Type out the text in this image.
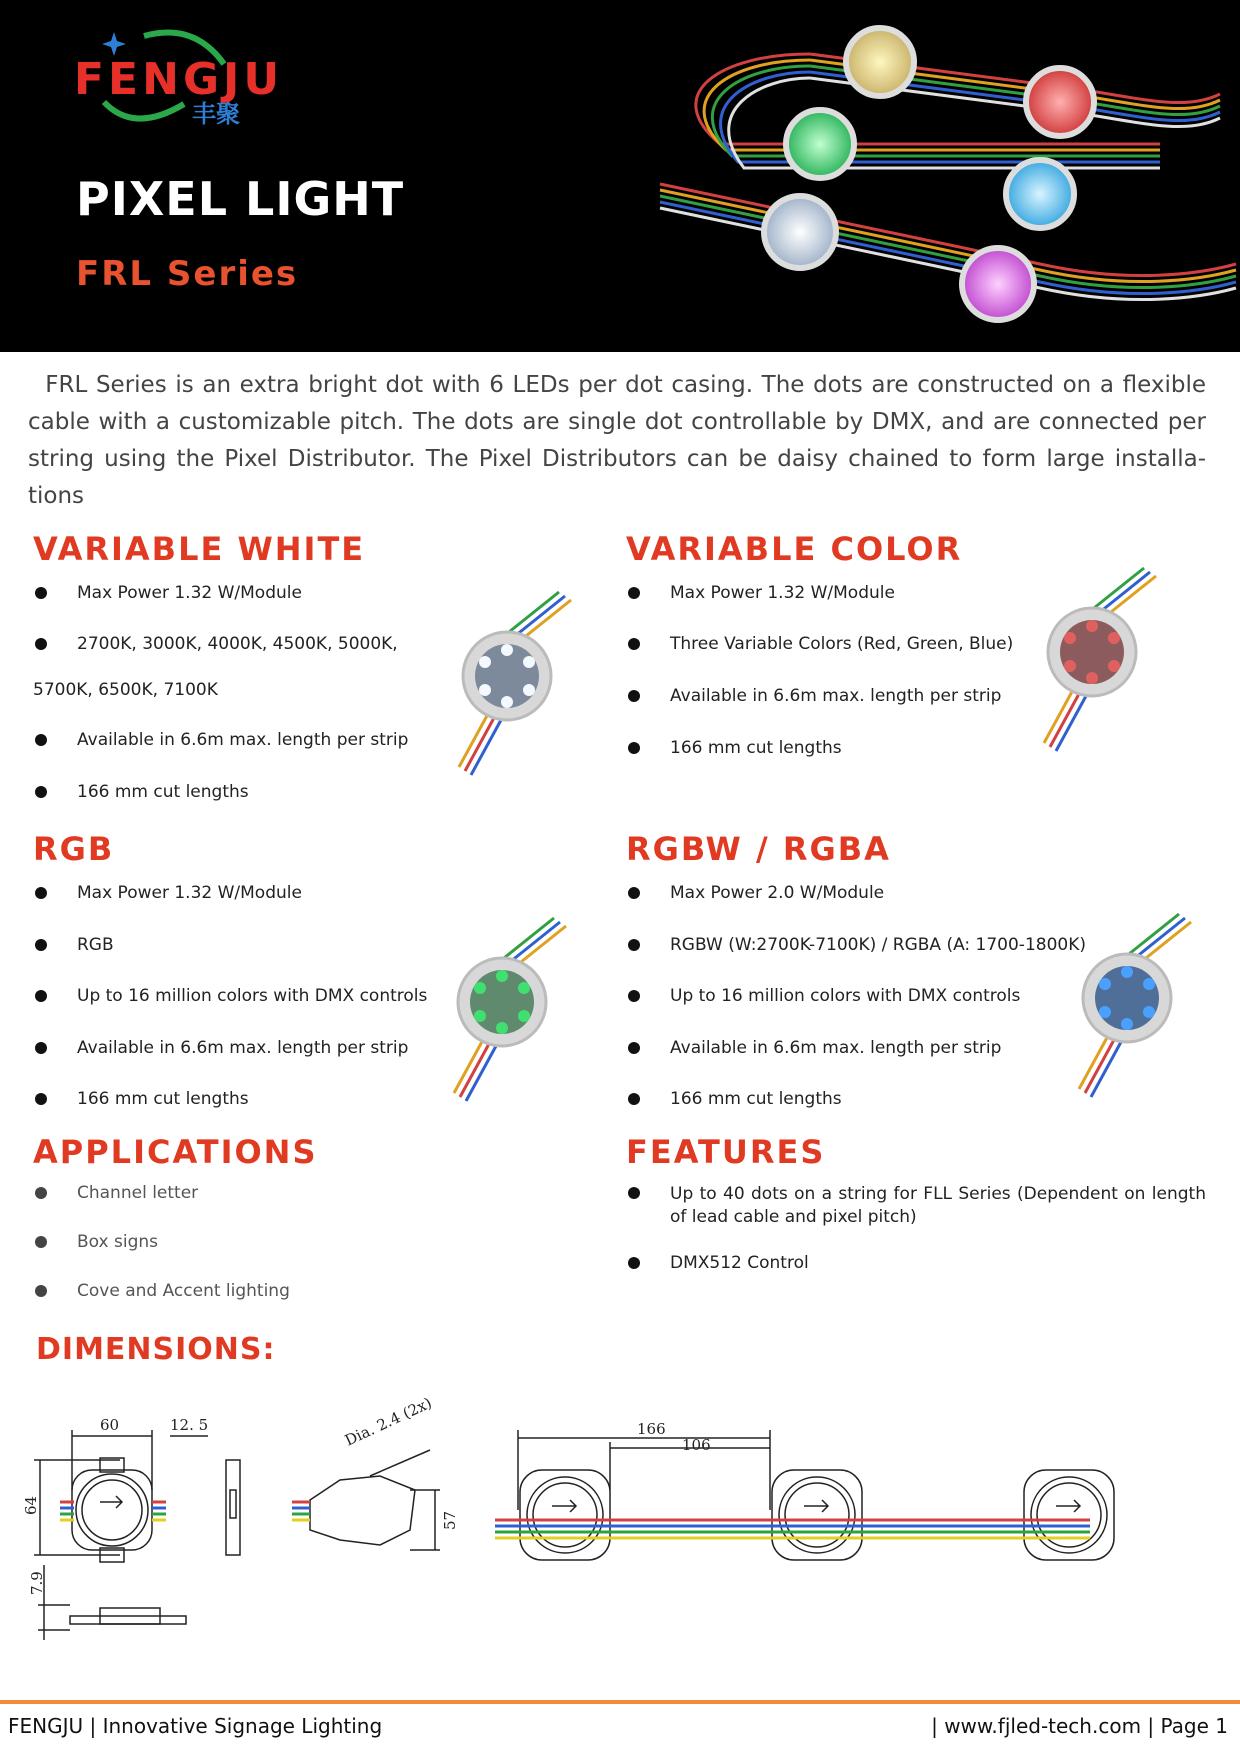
FENGJU
丰聚
PIXEL LIGHT
FRL Series
FRL Series is an extra bright dot with 6 LEDs per dot casing. The dots are constructed on a flexible cable with a customizable pitch. The dots are single dot controllable by DMX, and are connected per string using the Pixel Distributor. The Pixel Distributors can be daisy chained to form large installa-tions
VARIABLE WHITE
Max Power 1.32 W/Module
2700K, 3000K, 4000K, 4500K, 5000K,
5700K, 6500K, 7100K
Available in 6.6m max. length per strip
166 mm cut lengths
VARIABLE COLOR
Max Power 1.32 W/Module
Three Variable Colors (Red, Green, Blue)
Available in 6.6m max. length per strip
166 mm cut lengths
RGB
Max Power 1.32 W/Module
RGB
Up to 16 million colors with DMX controls
Available in 6.6m max. length per strip
166 mm cut lengths
RGBW / RGBA
Max Power 2.0 W/Module
RGBW (W:2700K-7100K) / RGBA (A: 1700-1800K)
Up to 16 million colors with DMX controls
Available in 6.6m max. length per strip
166 mm cut lengths
APPLICATIONS
Channel letter
Box signs
Cove and Accent lighting
FEATURES
Up to 40 dots on a string for FLL Series (Dependent on length of lead cable and pixel pitch)
DMX512 Control
DIMENSIONS:
60	12. 5
64
Dia. 2.4 (2x)
57
7.9
166
106
FENGJU | Innovative Signage Lighting	| www.fjled-tech.com | Page 1
